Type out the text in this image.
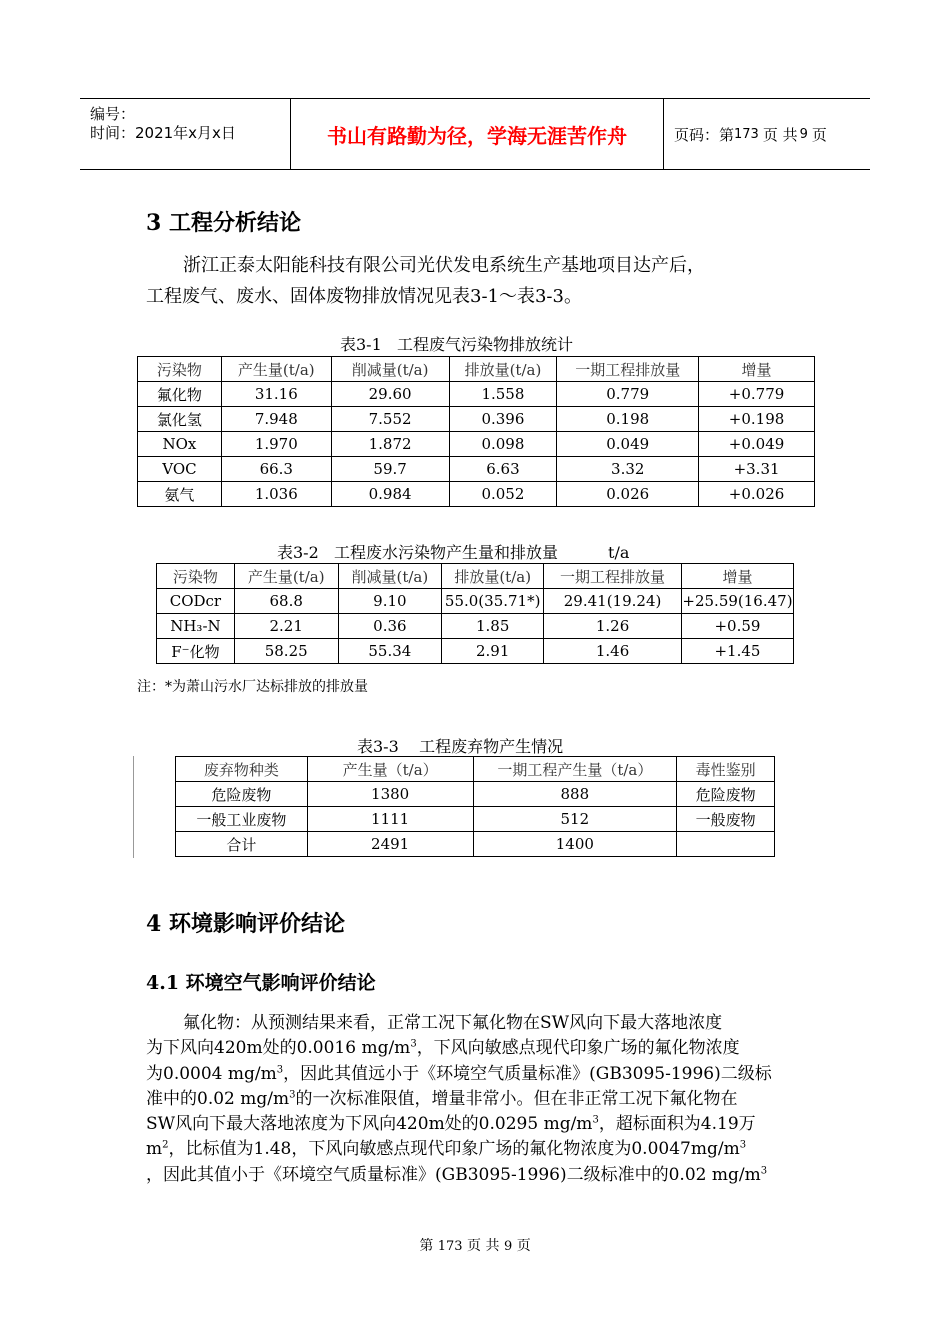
编号：
时间：2021年x月x日	书山有路勤为径，学海无涯苦作舟	页码：第 173 页 共 9 页
3 工程分析结论
浙江正泰太阳能科技有限公司光伏发电系统生产基地项目达产后，
工程废气、废水、固体废物排放情况见表3-1～表3-3。
表3-1   工程废气污染物排放统计
污染物	产生量(t/a)	削减量(t/a)	排放量(t/a)	一期工程排放量	增量
氟化物	31.16	29.60	1.558	0.779	+0.779
氯化氢	7.948	7.552	0.396	0.198	+0.198
NOx	1.970	1.872	0.098	0.049	+0.049
VOC	66.3	59.7	6.63	3.32	+3.31
氨气	1.036	0.984	0.052	0.026	+0.026
表3-2   工程废水污染物产生量和排放量	t/a
污染物	产生量(t/a)	削减量(t/a)	排放量(t/a)	一期工程排放量	增量
CODcr	68.8	9.10	55.0(35.71*)	29.41(19.24)	+25.59(16.47)
NH₃-N	2.21	0.36	1.85	1.26	+0.59
F⁻化物	58.25	55.34	2.91	1.46	+1.45
注：*为萧山污水厂达标排放的排放量
表3-3    工程废弃物产生情况
废弃物种类	产生量（t/a）	一期工程产生量（t/a）	毒性鉴别
危险废物	1380	888	危险废物
一般工业废物	1111	512	一般废物
合计	2491	1400	
4 环境影响评价结论
4.1 环境空气影响评价结论
氟化物：从预测结果来看，正常工况下氟化物在SW风向下最大落地浓度
为下风向420m处的0.0016 $mg/m^3$，下风向敏感点现代印象广场的氟化物浓度
为0.0004 $mg/m^3$，因此其值远小于《环境空气质量标准》(GB3095-1996)二级标
准中的0.02 $mg/m^3$的一次标准限值，增量非常小。但在非正常工况下氟化物在
SW风向下最大落地浓度为下风向420m处的0.0295 $mg/m^3$，超标面积为4.19万
$m^2$，比标值为1.48，下风向敏感点现代印象广场的氟化物浓度为$0.0047mg/m^3$
，因此其值小于《环境空气质量标准》(GB3095-1996)二级标准中的0.02 $mg/m^3$
第 173 页 共 9 页
